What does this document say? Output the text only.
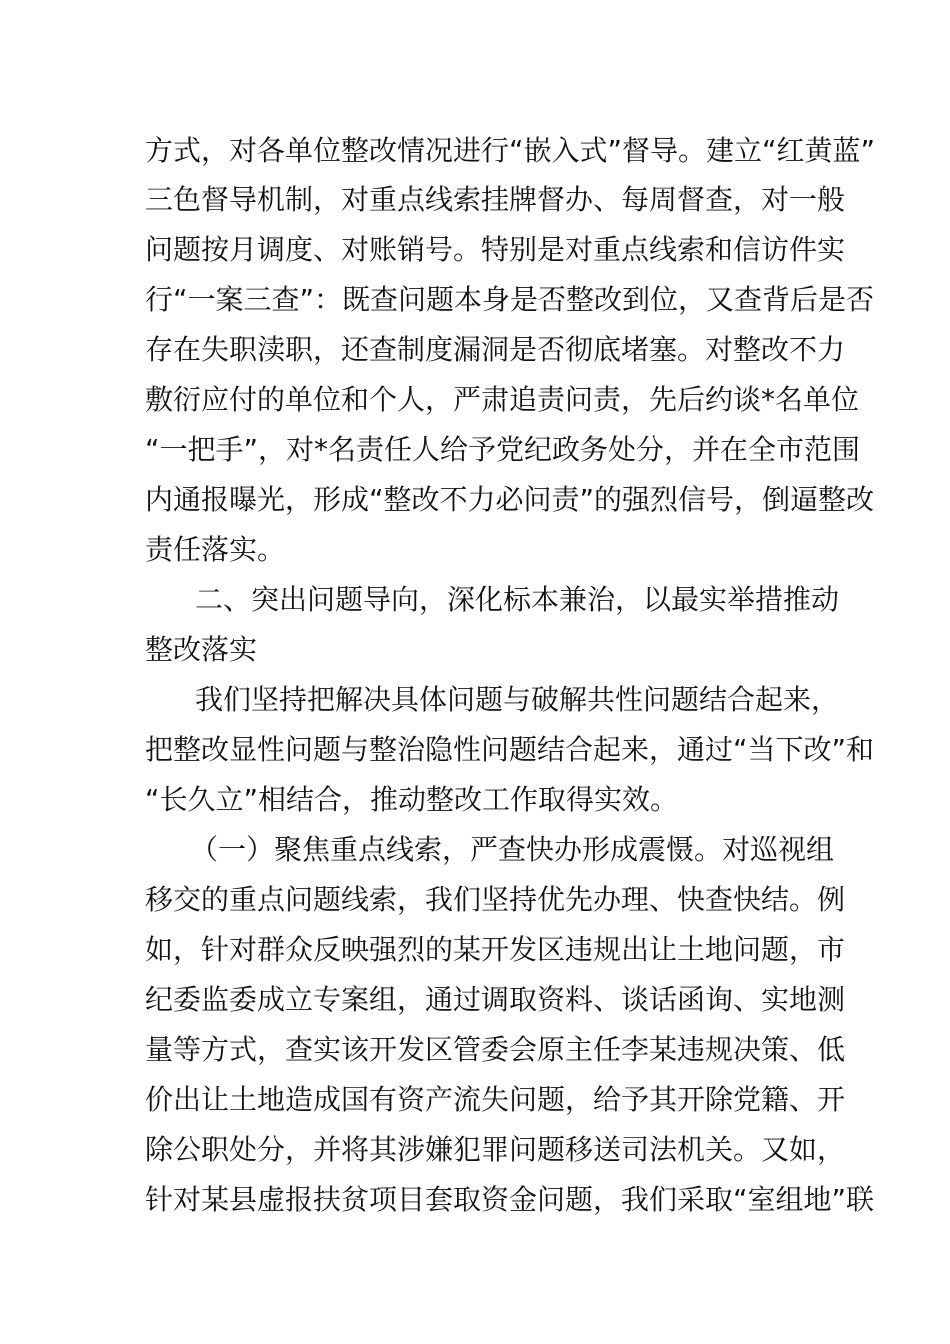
方式，对各单位整改情况进行“嵌入式”督导。建立“红黄蓝”
三色督导机制，对重点线索挂牌督办、每周督查，对一般
问题按月调度、对账销号。特别是对重点线索和信访件实
行“一案三查”：既查问题本身是否整改到位，又查背后是否
存在失职渎职，还查制度漏洞是否彻底堵塞。对整改不力
敷衍应付的单位和个人，严肃追责问责，先后约谈*名单位
“一把手”，对*名责任人给予党纪政务处分，并在全市范围
内通报曝光，形成“整改不力必问责”的强烈信号，倒逼整改
责任落实。
二、突出问题导向，深化标本兼治，以最实举措推动
整改落实
我们坚持把解决具体问题与破解共性问题结合起来，
把整改显性问题与整治隐性问题结合起来，通过“当下改”和
“长久立”相结合，推动整改工作取得实效。
（一）聚焦重点线索，严查快办形成震慑。对巡视组
移交的重点问题线索，我们坚持优先办理、快查快结。例
如，针对群众反映强烈的某开发区违规出让土地问题，市
纪委监委成立专案组，通过调取资料、谈话函询、实地测
量等方式，查实该开发区管委会原主任李某违规决策、低
价出让土地造成国有资产流失问题，给予其开除党籍、开
除公职处分，并将其涉嫌犯罪问题移送司法机关。又如，
针对某县虚报扶贫项目套取资金问题，我们采取“室组地”联
